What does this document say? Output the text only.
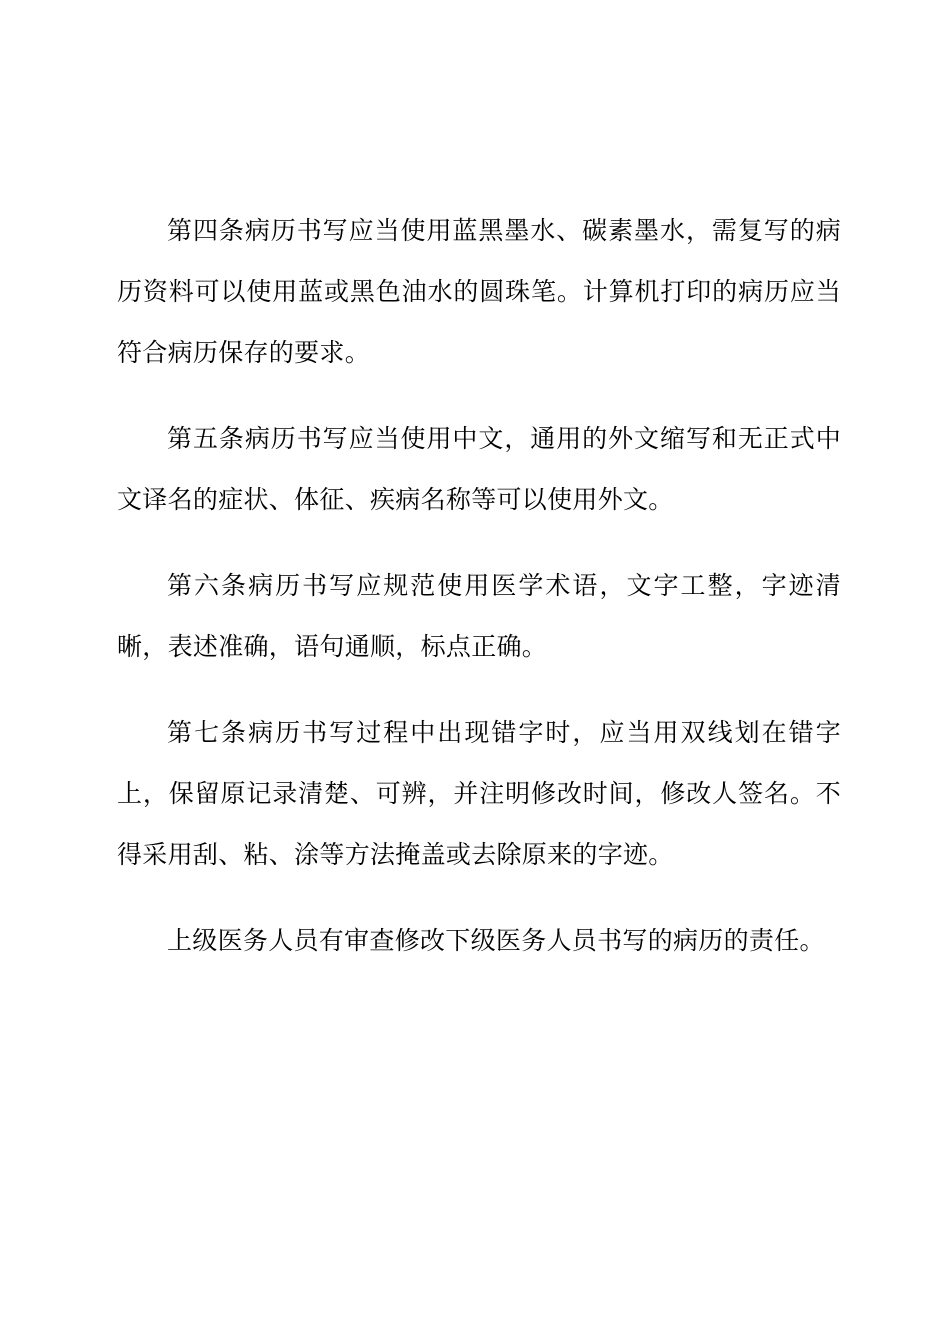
第四条病历书写应当使用蓝黑墨水、碳素墨水，需复写的病历资料可以使用蓝或黑色油水的圆珠笔。计算机打印的病历应当符合病历保存的要求。

第五条病历书写应当使用中文，通用的外文缩写和无正式中文译名的症状、体征、疾病名称等可以使用外文。

第六条病历书写应规范使用医学术语，文字工整，字迹清晰，表述准确，语句通顺，标点正确。

第七条病历书写过程中出现错字时，应当用双线划在错字上，保留原记录清楚、可辨，并注明修改时间，修改人签名。不得采用刮、粘、涂等方法掩盖或去除原来的字迹。

上级医务人员有审查修改下级医务人员书写的病历的责任。
